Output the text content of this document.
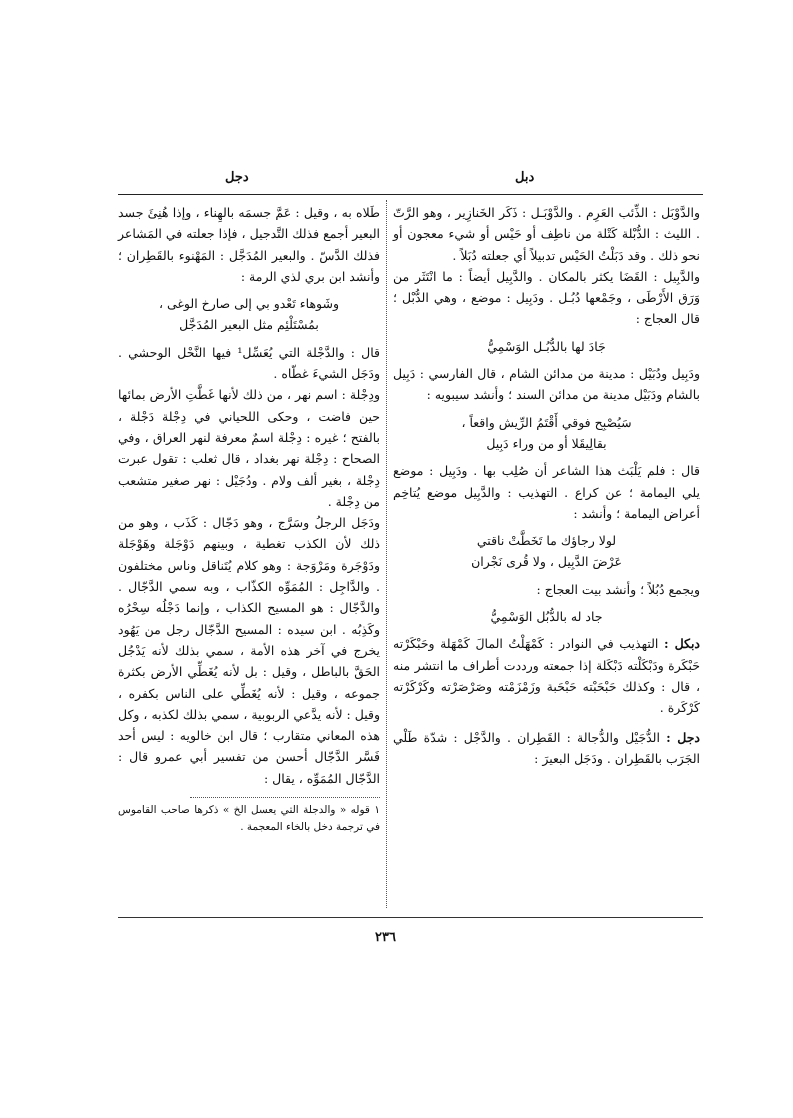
دبل
دجل

والدَّوْبَل : الذِّئب العَرِم . والدَّوْبَـل : ذَكَر الخَنازِير ، وهو الرَّتّ . الليث : الدُّبْلة كَتْلة من ناطِف أو حَيْس أو شيء معجون أو نحو ذلك . وقد دَبَلْتُ الحَيْس تدبيلاً أي جعلته دُبَلاً .

والدَّبِيل : القَضَا يكثر بالمكان . والدَّبِيل أيضاً : ما انْتَثَر من وَرَق الأَرْطَى ، وجَمْعها دُبُـل . ودَبِيل : موضع ، وهي الدُّبْل ؛ قال العجاج :

جَادَ لها بالدُّبُـل الوَسْمِيُّ

ودَبِيل ودُبَيْل : مدينة من مدائن الشام ، قال الفارسي : دَبِيل بالشام ودَبَيْل مدينة من مدائن السند ؛ وأنشد سيبويه :

سَيُصْبِح فوقي أَقْتَمُ الرِّيش واقعاً ،
بقالِيقَلا أو من وراء دَبِيل

قال : فلم يَلْبَث هذا الشاعر أن صُلِب بها . ودَبِيل : موضع يلي اليمامة ؛ عن كراع . التهذيب : والدَّبِيل موضع يُتاخِم أعراض اليمامة ؛ وأنشد :

لولا رجاؤك ما تَخَطَّتْ ناقتي
عَرْضَ الدَّبِيل ، ولا قُرى نَجْران

ويجمع دُبُلاً ؛ وأنشد بيت العجاج :

جاد له بالدُّبُل الوَسْمِيُّ

دبكل : التهذيب في النوادر : كَمْهَلْتُ المالَ كَمْهَلة وحَبْكَرْته حَبْكَرة ودَبْكَلْته دَبْكَلة إذا جمعته ورددت أطراف ما انتشر منه ، قال : وكذلك حَبْحَبْته حَبْحَبة وزَمْزَمْته وصَرْصَرْته وكَرْكَرْته كَرْكَرة .

دجل : الدُّجَيْل والدُّجالة : القَطِران . والدَّجْل : شدّة طَلْي الجَرَب بالقَطِران . ودَجَل البعيرَ :

طَلاه به ، وقيل : عَمَّ جسمَه بالهِناء ، وإذا هُنِئَ جسد البعير أجمع فذلك التَّدجيل ، فإذا جعلته في المَشاعر فذلك الدَّسّ . والبعير المُدَجَّل : المَهْنوء بالقَطِران ؛ وأنشد ابن بري لذي الرمة :

وشَوهاء تَعْدو بي إلى صارخ الوغى ،
بمُسْتَلْئِم مثل البعير المُدَجَّل

قال : والدَّجْلة التي يُعَسِّل¹ فيها النَّحْل الوحشي . ودَجَل الشيءَ غطّاه .

ودِجْلة : اسم نهر ، من ذلك لأنها غَطَّتِ الأرض بمائها حين فاضت ، وحكى اللحياني في دِجْلة دَجْلة ، بالفتح ؛ غيره : دِجْلة اسمٌ معرفة لنهر العراق ، وفي الصحاح : دِجْلة نهر بغداد ، قال ثعلب : تقول عبرت دِجْلة ، بغير ألف ولام . ودُجَيْل : نهر صغير متشعب من دِجْلة .

ودَجَل الرجلُ وسَرَّج ، وهو دَجّال : كَذَب ، وهو من ذلك لأن الكذب تغطية ، وبينهم دَوْجَلة وهَوْجَلة ودَوْجَرة ومَرْوَجة : وهو كلام يُتَناقل وناس مختلفون . والدَّاجِل : المُمَوِّه الكذّاب ، وبه سمي الدَّجّال . والدَّجّال : هو المسيح الكذاب ، وإنما دَجْلُه سِحْرُه وكَذِبُه . ابن سيده : المسيح الدَّجّال رجل من يَهُود يخرج في آخر هذه الأمة ، سمي بذلك لأنه يَدْجُل الحَقَّ بالباطل ، وقيل : بل لأنه يُغَطِّي الأرض بكثرة جموعه ، وقيل : لأنه يُغَطِّي على الناس بكفره ، وقيل : لأنه يدَّعي الربوبية ، سمي بذلك لكذبه ، وكل هذه المعاني متقارب ؛ قال ابن خالويه : ليس أحد فَسَّر الدَّجّال أحسن من تفسير أبي عمرو قال : الدَّجّال المُمَوِّه ، يقال :

١ قوله « والدجلة التي يعسل الخ » ذكرها صاحب القاموس في ترجمة دخل بالخاء المعجمة .

٢٣٦
